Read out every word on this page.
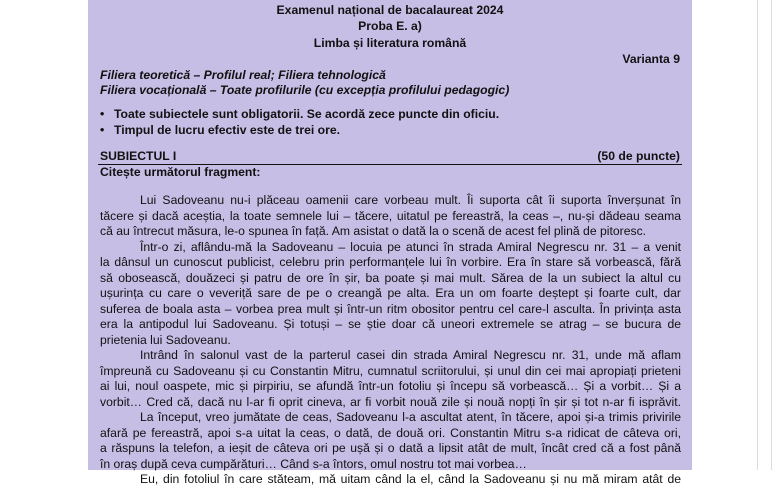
Examenul național de bacalaureat 2024
Proba E. a)
Limba și literatura română
Varianta 9
Filiera teoretică – Profilul real; Filiera tehnologică
Filiera vocațională – Toate profilurile (cu excepția profilului pedagogic)
• Toate subiectele sunt obligatorii. Se acordă zece puncte din oficiu.
• Timpul de lucru efectiv este de trei ore.
SUBIECTUL I	(50 de puncte)
Citește următorul fragment:
Lui Sadoveanu nu-i plăceau oamenii care vorbeau mult. Îi suporta cât îi suporta înverșunat în
tăcere și dacă aceștia, la toate semnele lui – tăcere, uitatul pe fereastră, la ceas –, nu-și dădeau seama
că au întrecut măsura, le-o spunea în față. Am asistat o dată la o scenă de acest fel plină de pitoresc.
Într-o zi, aflându-mă la Sadoveanu – locuia pe atunci în strada Amiral Negrescu nr. 31 – a venit
la dânsul un cunoscut publicist, celebru prin performanțele lui în vorbire. Era în stare să vorbească, fără
să obosească, douăzeci și patru de ore în șir, ba poate și mai mult. Sărea de la un subiect la altul cu
ușurința cu care o veveriță sare de pe o creangă pe alta. Era un om foarte deștept și foarte cult, dar
suferea de boala asta – vorbea prea mult și într-un ritm obositor pentru cel care-l asculta. În privința asta
era la antipodul lui Sadoveanu. Și totuși – se știe doar că uneori extremele se atrag – se bucura de
prietenia lui Sadoveanu.
Intrând în salonul vast de la parterul casei din strada Amiral Negrescu nr. 31, unde mă aflam
împreună cu Sadoveanu și cu Constantin Mitru, cumnatul scriitorului, și unul din cei mai apropiați prieteni
ai lui, noul oaspete, mic și pirpiriu, se afundă într-un fotoliu și începu să vorbească… Și a vorbit… Și a
vorbit… Cred că, dacă nu l-ar fi oprit cineva, ar fi vorbit nouă zile și nouă nopți în șir și tot n-ar fi isprăvit.
La început, vreo jumătate de ceas, Sadoveanu l-a ascultat atent, în tăcere, apoi și-a trimis privirile
afară pe fereastră, apoi s-a uitat la ceas, o dată, de două ori. Constantin Mitru s-a ridicat de câteva ori,
a răspuns la telefon, a ieșit de câteva ori pe ușă și o dată a lipsit atât de mult, încât cred că a fost până
în oraș după ceva cumpărături… Când s-a întors, omul nostru tot mai vorbea…
Eu, din fotoliul în care stăteam, mă uitam când la el, când la Sadoveanu și nu mă miram atât de
